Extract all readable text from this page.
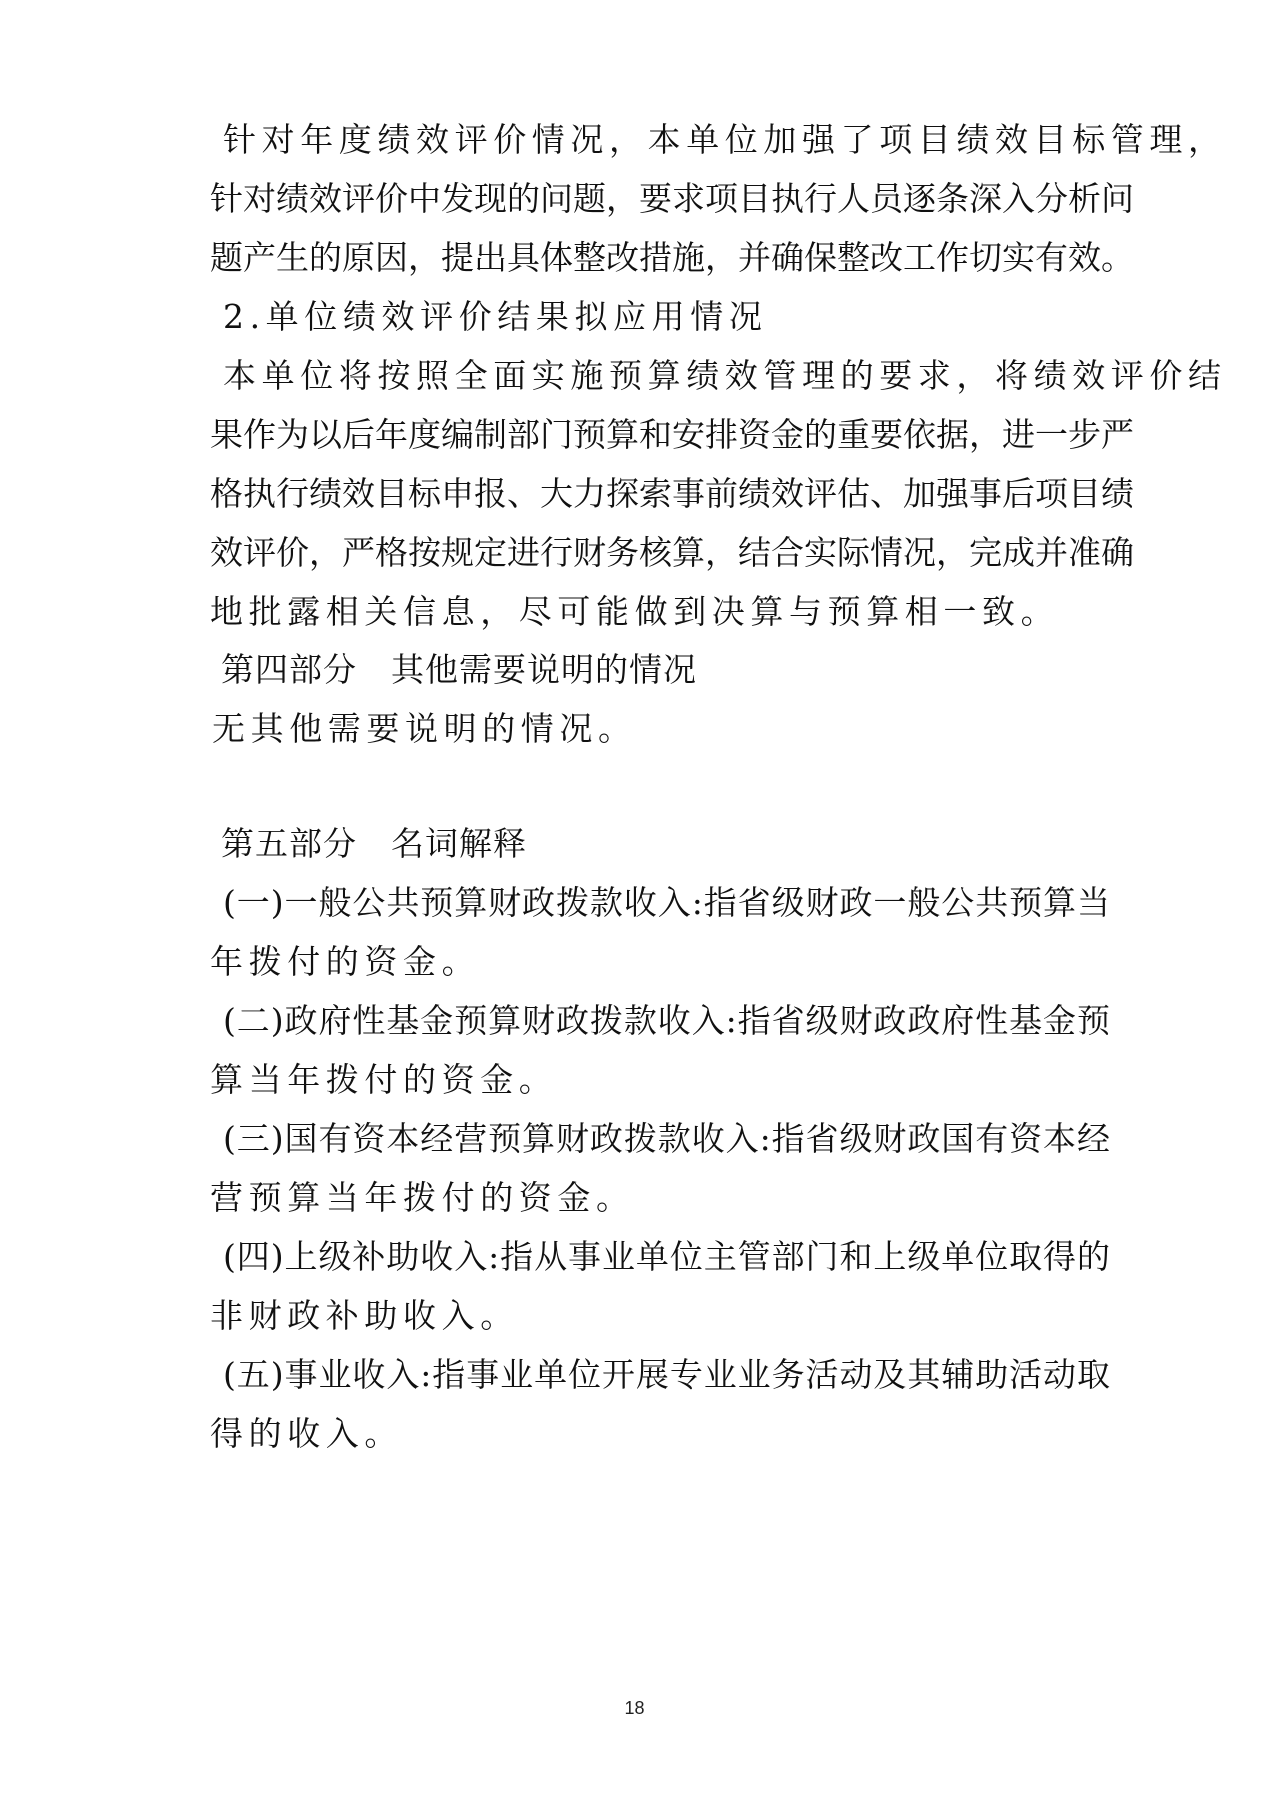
针对年度绩效评价情况，本单位加强了项目绩效目标管理，
针对绩效评价中发现的问题，要求项目执行人员逐条深入分析问
题产生的原因，提出具体整改措施，并确保整改工作切实有效。
2.单位绩效评价结果拟应用情况
本单位将按照全面实施预算绩效管理的要求，将绩效评价结
果作为以后年度编制部门预算和安排资金的重要依据，进一步严
格执行绩效目标申报、大力探索事前绩效评估、加强事后项目绩
效评价，严格按规定进行财务核算，结合实际情况，完成并准确
地批露相关信息，尽可能做到决算与预算相一致。
第四部分　其他需要说明的情况
无其他需要说明的情况。
第五部分　名词解释
(一)一般公共预算财政拨款收入:指省级财政一般公共预算当
年拨付的资金。
(二)政府性基金预算财政拨款收入:指省级财政政府性基金预
算当年拨付的资金。
(三)国有资本经营预算财政拨款收入:指省级财政国有资本经
营预算当年拨付的资金。
(四)上级补助收入:指从事业单位主管部门和上级单位取得的
非财政补助收入。
(五)事业收入:指事业单位开展专业业务活动及其辅助活动取
得的收入。
18
